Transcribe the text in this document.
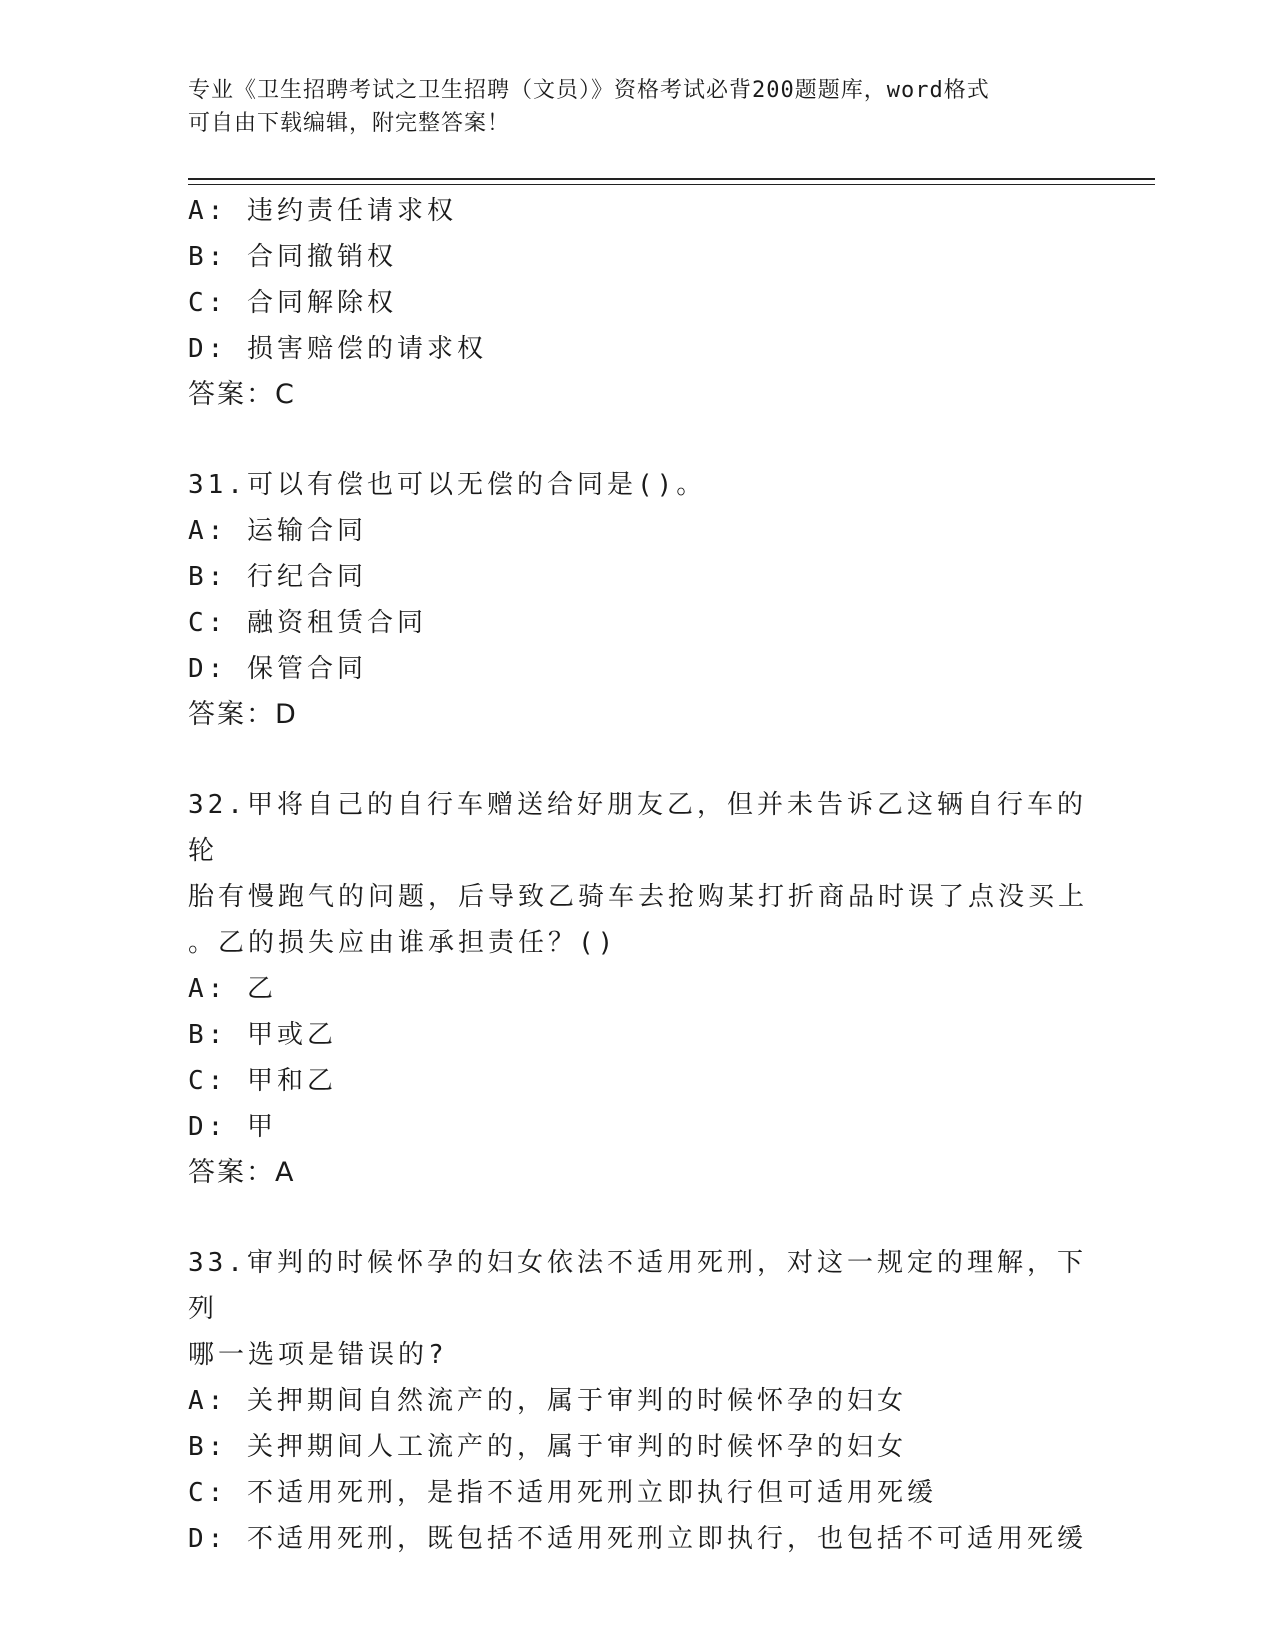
专业《卫生招聘考试之卫生招聘（文员）》资格考试必背200题题库，word格式
可自由下载编辑，附完整答案！
A: 违约责任请求权
B: 合同撤销权
C: 合同解除权
D: 损害赔偿的请求权
答案：C
31.可以有偿也可以无偿的合同是()。
A: 运输合同
B: 行纪合同
C: 融资租赁合同
D: 保管合同
答案：D
32.甲将自己的自行车赠送给好朋友乙，但并未告诉乙这辆自行车的轮
胎有慢跑气的问题，后导致乙骑车去抢购某打折商品时误了点没买上
。乙的损失应由谁承担责任？()
A: 乙
B: 甲或乙
C: 甲和乙
D: 甲
答案：A
33.审判的时候怀孕的妇女依法不适用死刑，对这一规定的理解，下列
哪一选项是错误的?
A: 关押期间自然流产的，属于审判的时候怀孕的妇女
B: 关押期间人工流产的，属于审判的时候怀孕的妇女
C: 不适用死刑，是指不适用死刑立即执行但可适用死缓
D: 不适用死刑，既包括不适用死刑立即执行，也包括不可适用死缓
